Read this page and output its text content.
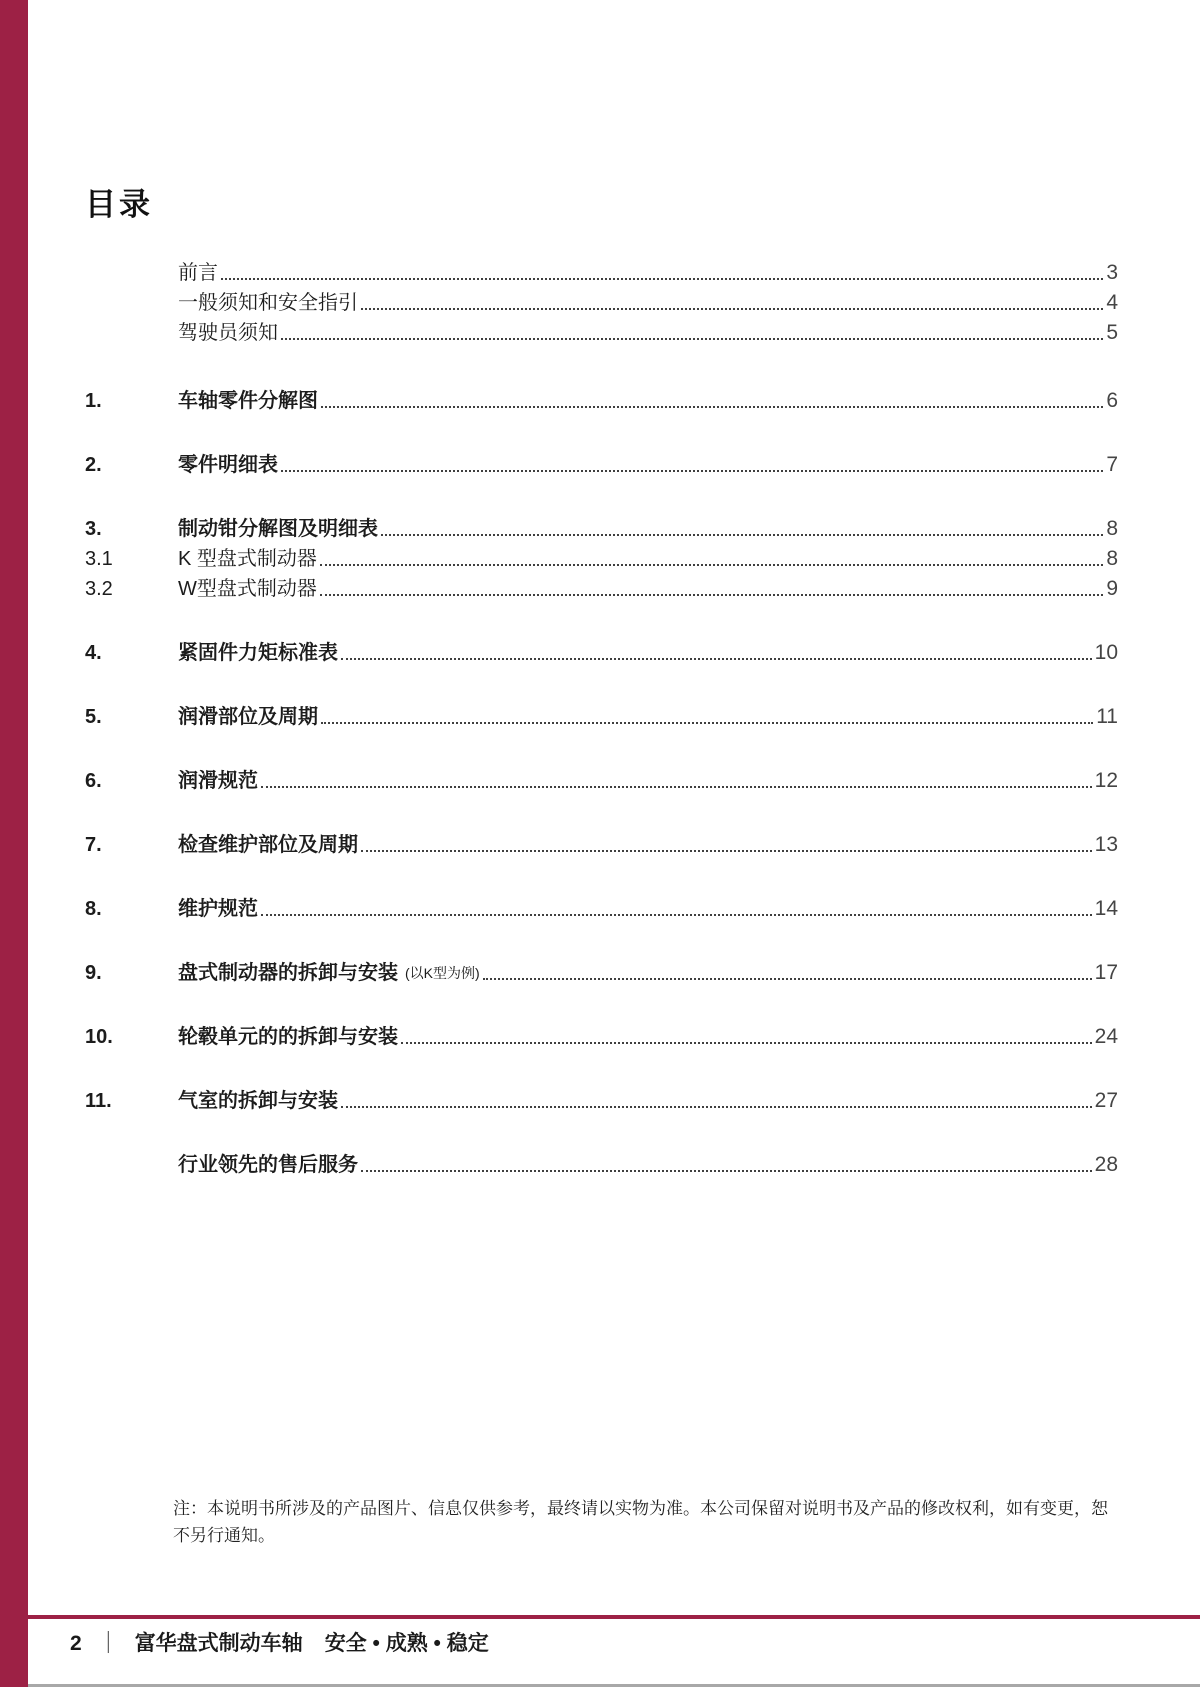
目录
前言	3
一般须知和安全指引	4
驾驶员须知	5
1.	车轴零件分解图	6
2.	零件明细表	7
3.	制动钳分解图及明细表	8
3.1	K 型盘式制动器	8
3.2	W型盘式制动器	9
4.	紧固件力矩标准表	10
5.	润滑部位及周期	11
6.	润滑规范	12
7.	检查维护部位及周期	13
8.	维护规范	14
9.	盘式制动器的拆卸与安装 (以K型为例)	17
10.	轮毂单元的的拆卸与安装	24
11.	气室的拆卸与安装	27
行业领先的售后服务	28

注：本说明书所涉及的产品图片、信息仅供参考，最终请以实物为准。本公司保留对说明书及产品的修改权利，如有变更，恕不另行通知。

2 ｜ 富华盘式制动车轴 安全 • 成熟 • 稳定
